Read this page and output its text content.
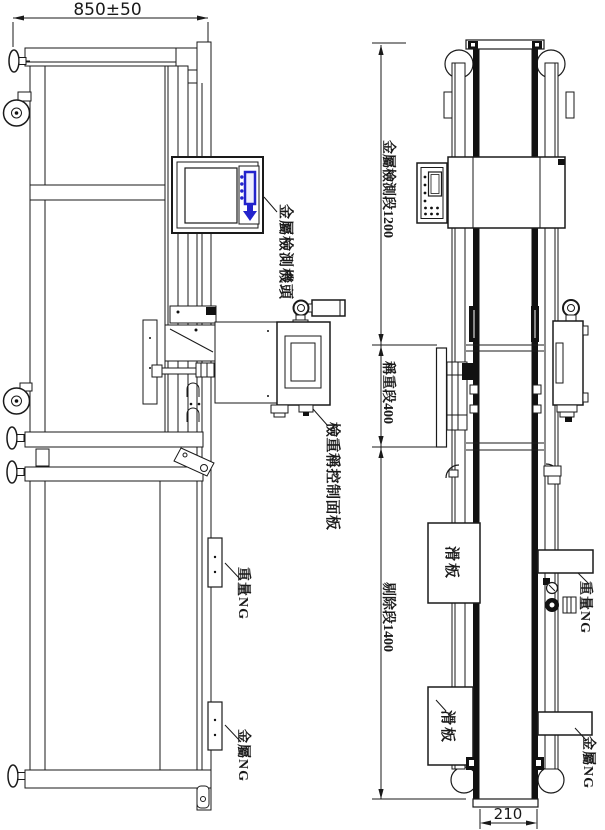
850±50
金屬檢測機頭
檢重稱控制面板
重量NG
金屬NG
金屬檢測段1200
稱重段400
剔除段1400
滑板
滑板
重量NG
金屬NG
210
